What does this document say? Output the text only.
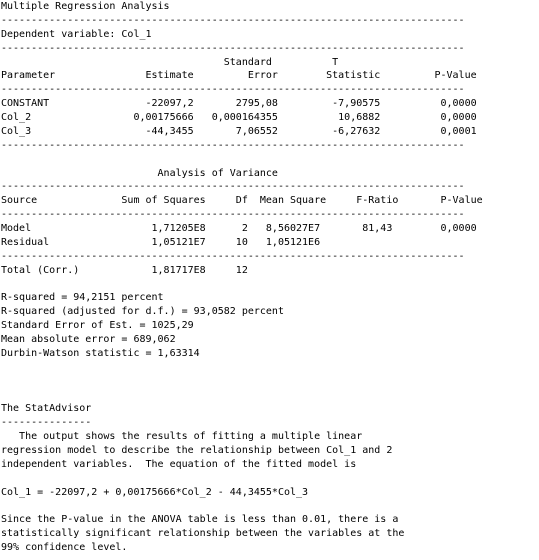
Multiple Regression Analysis
-----------------------------------------------------------------------------
Dependent variable: Col_1
-----------------------------------------------------------------------------
Standard          T
Parameter               Estimate         Error        Statistic         P-Value
-----------------------------------------------------------------------------
CONSTANT                -22097,2       2795,08         -7,90575          0,0000
Col_2                 0,00175666   0,000164355          10,6882          0,0000
Col_3                   -44,3455       7,06552         -6,27632          0,0001
-----------------------------------------------------------------------------
Analysis of Variance
-----------------------------------------------------------------------------
Source              Sum of Squares     Df  Mean Square     F-Ratio       P-Value
-----------------------------------------------------------------------------
Model                    1,71205E8      2   8,56027E7       81,43        0,0000
Residual                 1,05121E7     10   1,05121E6
-----------------------------------------------------------------------------
Total (Corr.)            1,81717E8     12
R-squared = 94,2151 percent
R-squared (adjusted for d.f.) = 93,0582 percent
Standard Error of Est. = 1025,29
Mean absolute error = 689,062
Durbin-Watson statistic = 1,63314
The StatAdvisor
---------------
The output shows the results of fitting a multiple linear
regression model to describe the relationship between Col_1 and 2
independent variables.  The equation of the fitted model is
Col_1 = -22097,2 + 0,00175666*Col_2 - 44,3455*Col_3
Since the P-value in the ANOVA table is less than 0.01, there is a
statistically significant relationship between the variables at the
99% confidence level.
